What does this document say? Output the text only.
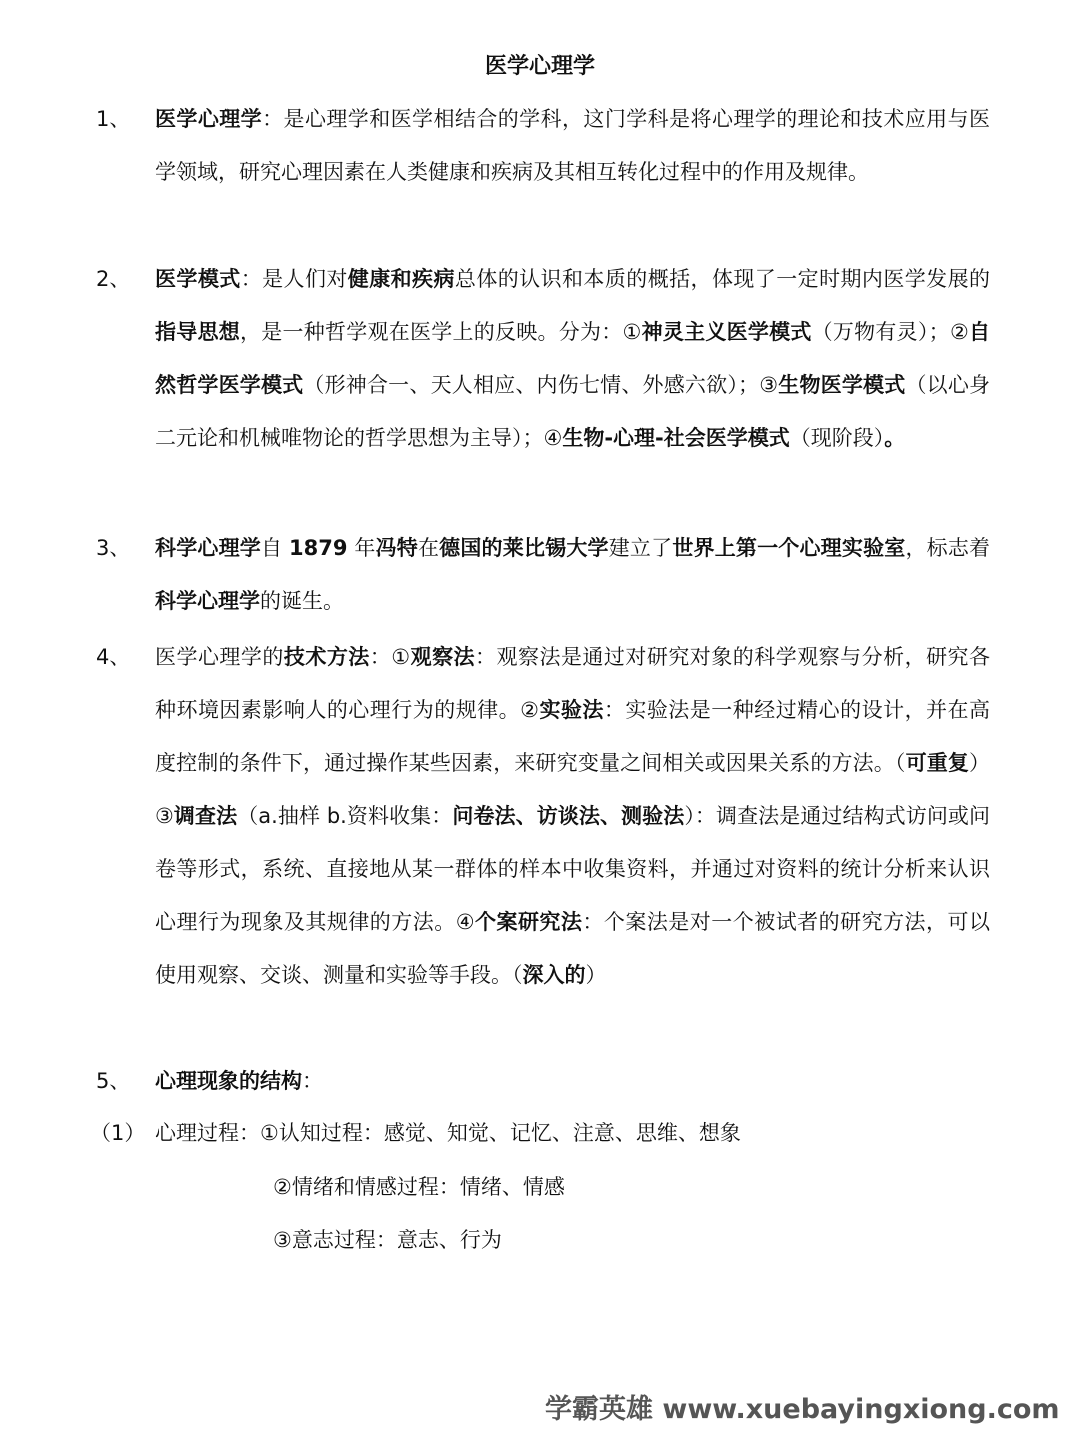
医学心理学
1、 医学心理学：是心理学和医学相结合的学科，这门学科是将心理学的理论和技术应用与医学领域，研究心理因素在人类健康和疾病及其相互转化过程中的作用及规律。
2、 医学模式：是人们对健康和疾病总体的认识和本质的概括，体现了一定时期内医学发展的指导思想，是一种哲学观在医学上的反映。分为：①神灵主义医学模式（万物有灵）；②自然哲学医学模式（形神合一、天人相应、内伤七情、外感六欲）；③生物医学模式（以心身二元论和机械唯物论的哲学思想为主导）；④生物-心理-社会医学模式（现阶段）。
3、 科学心理学自 1879 年冯特在德国的莱比锡大学建立了世界上第一个心理实验室，标志着科学心理学的诞生。
4、 医学心理学的技术方法：①观察法：观察法是通过对研究对象的科学观察与分析，研究各种环境因素影响人的心理行为的规律。②实验法：实验法是一种经过精心的设计，并在高度控制的条件下，通过操作某些因素，来研究变量之间相关或因果关系的方法。（可重复）③调查法（a.抽样 b.资料收集：问卷法、访谈法、测验法）：调查法是通过结构式访问或问卷等形式，系统、直接地从某一群体的样本中收集资料，并通过对资料的统计分析来认识心理行为现象及其规律的方法。④个案研究法：个案法是对一个被试者的研究方法，可以使用观察、交谈、测量和实验等手段。（深入的）
5、 心理现象的结构：
（1） 心理过程：①认知过程：感觉、知觉、记忆、注意、思维、想象
②情绪和情感过程：情绪、情感
③意志过程：意志、行为
学霸英雄 www.xuebayingxiong.com
